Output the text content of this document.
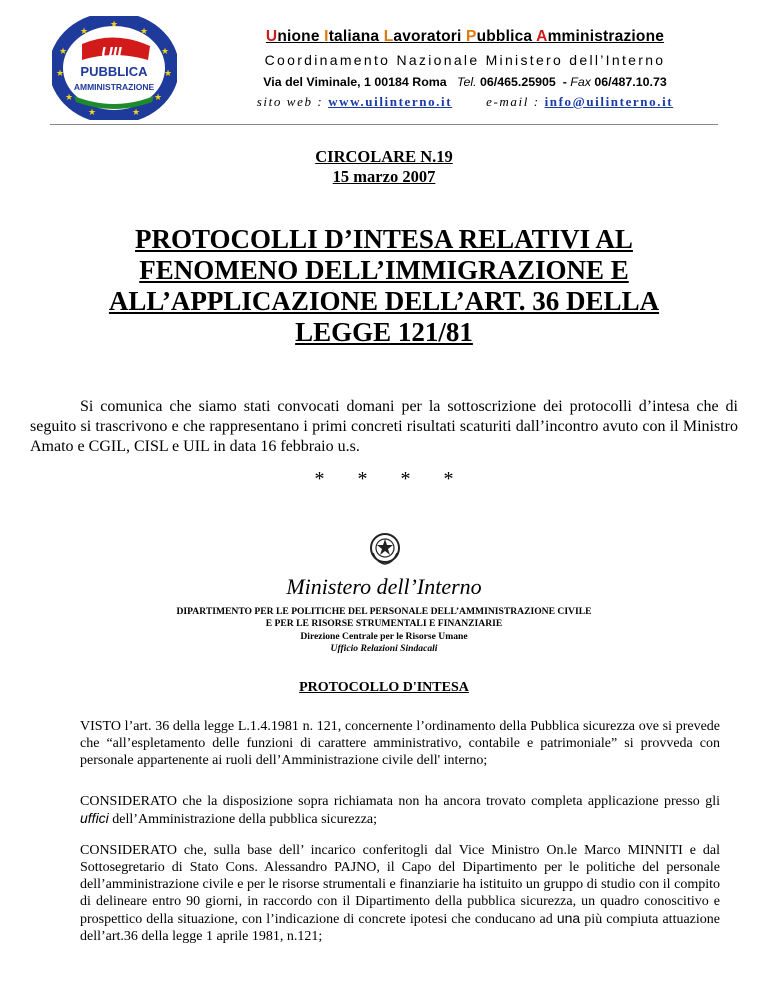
★
★
★
★
★
★
★
★
★
★
★
UIL
PUBBLICA
AMMINISTRAZIONE
Unione Italiana Lavoratori Pubblica Amministrazione
Coordinamento Nazionale Ministero dell’Interno
Via del Viminale, 1 00184 Roma Tel. 06/465.25905  - Fax 06/487.10.73
sito web : www.uilinterno.it	e-mail : info@uilinterno.it
CIRCOLARE N.19
15 marzo 2007
PROTOCOLLI D’INTESA RELATIVI AL
FENOMENO DELL’IMMIGRAZIONE E
ALL’APPLICAZIONE DELL’ART. 36 DELLA
LEGGE 121/81
Si comunica che siamo stati convocati domani per la sottoscrizione dei protocolli d’intesa che di seguito si trascrivono e che rappresentano i primi concreti risultati scaturiti dall’incontro avuto con il Ministro Amato e CGIL, CISL e UIL in data 16 febbraio u.s.
* * * *
Ministero dell’Interno
DIPARTIMENTO PER LE POLITICHE DEL PERSONALE DELL’AMMINISTRAZIONE CIVILE
E PER LE RISORSE STRUMENTALI E FINANZIARIE
Direzione Centrale per le Risorse Umane
Ufficio Relazioni Sindacali
PROTOCOLLO D'INTESA
VISTO l’art. 36 della legge L.1.4.1981 n. 121, concernente l’ordinamento della Pubblica sicurezza ove si prevede che “all’espletamento delle funzioni di carattere amministrativo, contabile e patrimoniale” si provveda con personale appartenente ai ruoli dell’Amministrazione civile dell' interno;
CONSIDERATO che la disposizione sopra richiamata non ha ancora trovato completa applicazione presso gli uffici dell’Amministrazione della pubblica sicurezza;
CONSIDERATO che, sulla base dell’ incarico conferitogli dal Vice Ministro On.le Marco MINNITI e dal Sottosegretario di Stato Cons. Alessandro PAJNO, il Capo del Dipartimento per le politiche del personale dell’amministrazione civile e per le risorse strumentali e finanziarie ha istituito un gruppo di studio con il compito di delineare entro 90 giorni, in raccordo con il Dipartimento della pubblica sicurezza, un quadro conoscitivo e prospettico della situazione, con l’indicazione di concrete ipotesi che conducano ad una più compiuta attuazione dell’art.36 della legge 1 aprile 1981, n.121;
